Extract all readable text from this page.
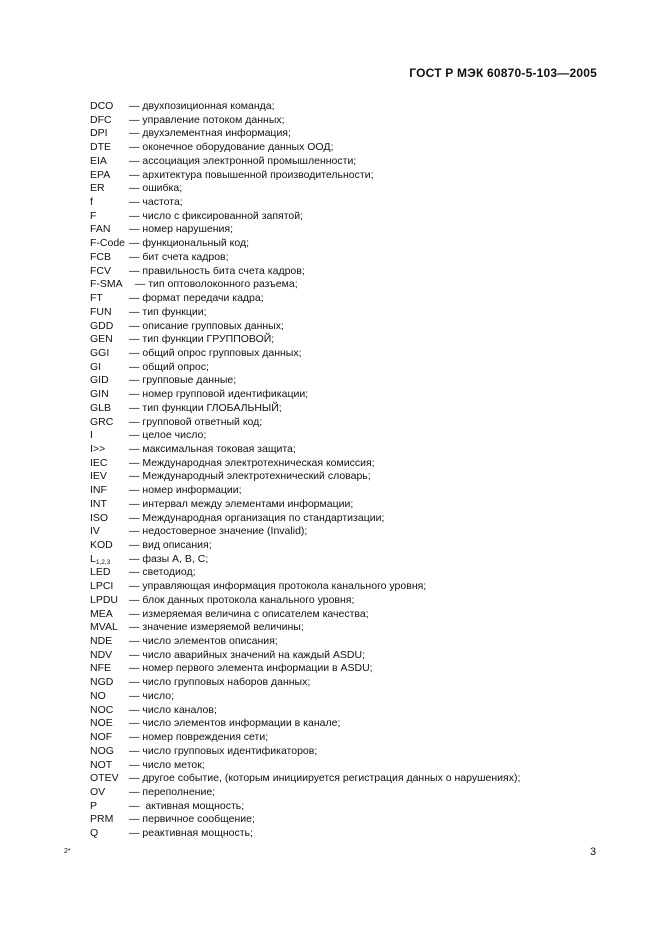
ГОСТ Р МЭК 60870-5-103—2005
DCO	— двухпозиционная команда;
DFC	— управление потоком данных;
DPI	— двухэлементная информация;
DTE	— оконечное оборудование данных ООД;
EIA	— ассоциация электронной промышленности;
EPA	— архитектура повышенной производительности;
ER	— ошибка;
f	— частота;
F	— число с фиксированной запятой;
FAN	— номер нарушения;
F-Code — функциональный код;
FCB	— бит счета кадров;
FCV	— правильность бита счета кадров;
F-SMA — тип оптоволоконного разъема;
FT	— формат передачи кадра;
FUN	— тип функции;
GDD	— описание групповых данных;
GEN	— тип функции ГРУППОВОЙ;
GGI	— общий опрос групповых данных;
GI	— общий опрос;
GID	— групповые данные;
GIN	— номер групповой идентификации;
GLB	— тип функции ГЛОБАЛЬНЫЙ;
GRC	— групповой ответный код;
I	— целое число;
I>>	— максимальная токовая защита;
IEC	— Международная электротехническая комиссия;
IEV	— Международный электротехнический словарь;
INF	— номер информации;
INT	— интервал между элементами информации;
ISO	— Международная организация по стандартизации;
IV	— недостоверное значение (Invalid);
KOD	— вид описания;
$L_{1,2,3}$	— фазы А, В, С;
LED	— светодиод;
LPCI	— управляющая информация протокола канального уровня;
LPDU	— блок данных протокола канального уровня;
MEA	— измеряемая величина с описателем качества;
MVAL	— значение измеряемой величины;
NDE	— число элементов описания;
NDV	— число аварийных значений на каждый ASDU;
NFE	— номер первого элемента информации в ASDU;
NGD	— число групповых наборов данных;
NO	— число;
NOC	— число каналов;
NOE	— число элементов информации в канале;
NOF	— номер повреждения сети;
NOG	— число групповых идентификаторов;
NOT	— число меток;
OTEV — другое событие, (которым инициируется регистрация данных о нарушениях);
OV	— переполнение;
P	—  активная мощность;
PRM	— первичное сообщение;
Q	— реактивная мощность;
2*	3
